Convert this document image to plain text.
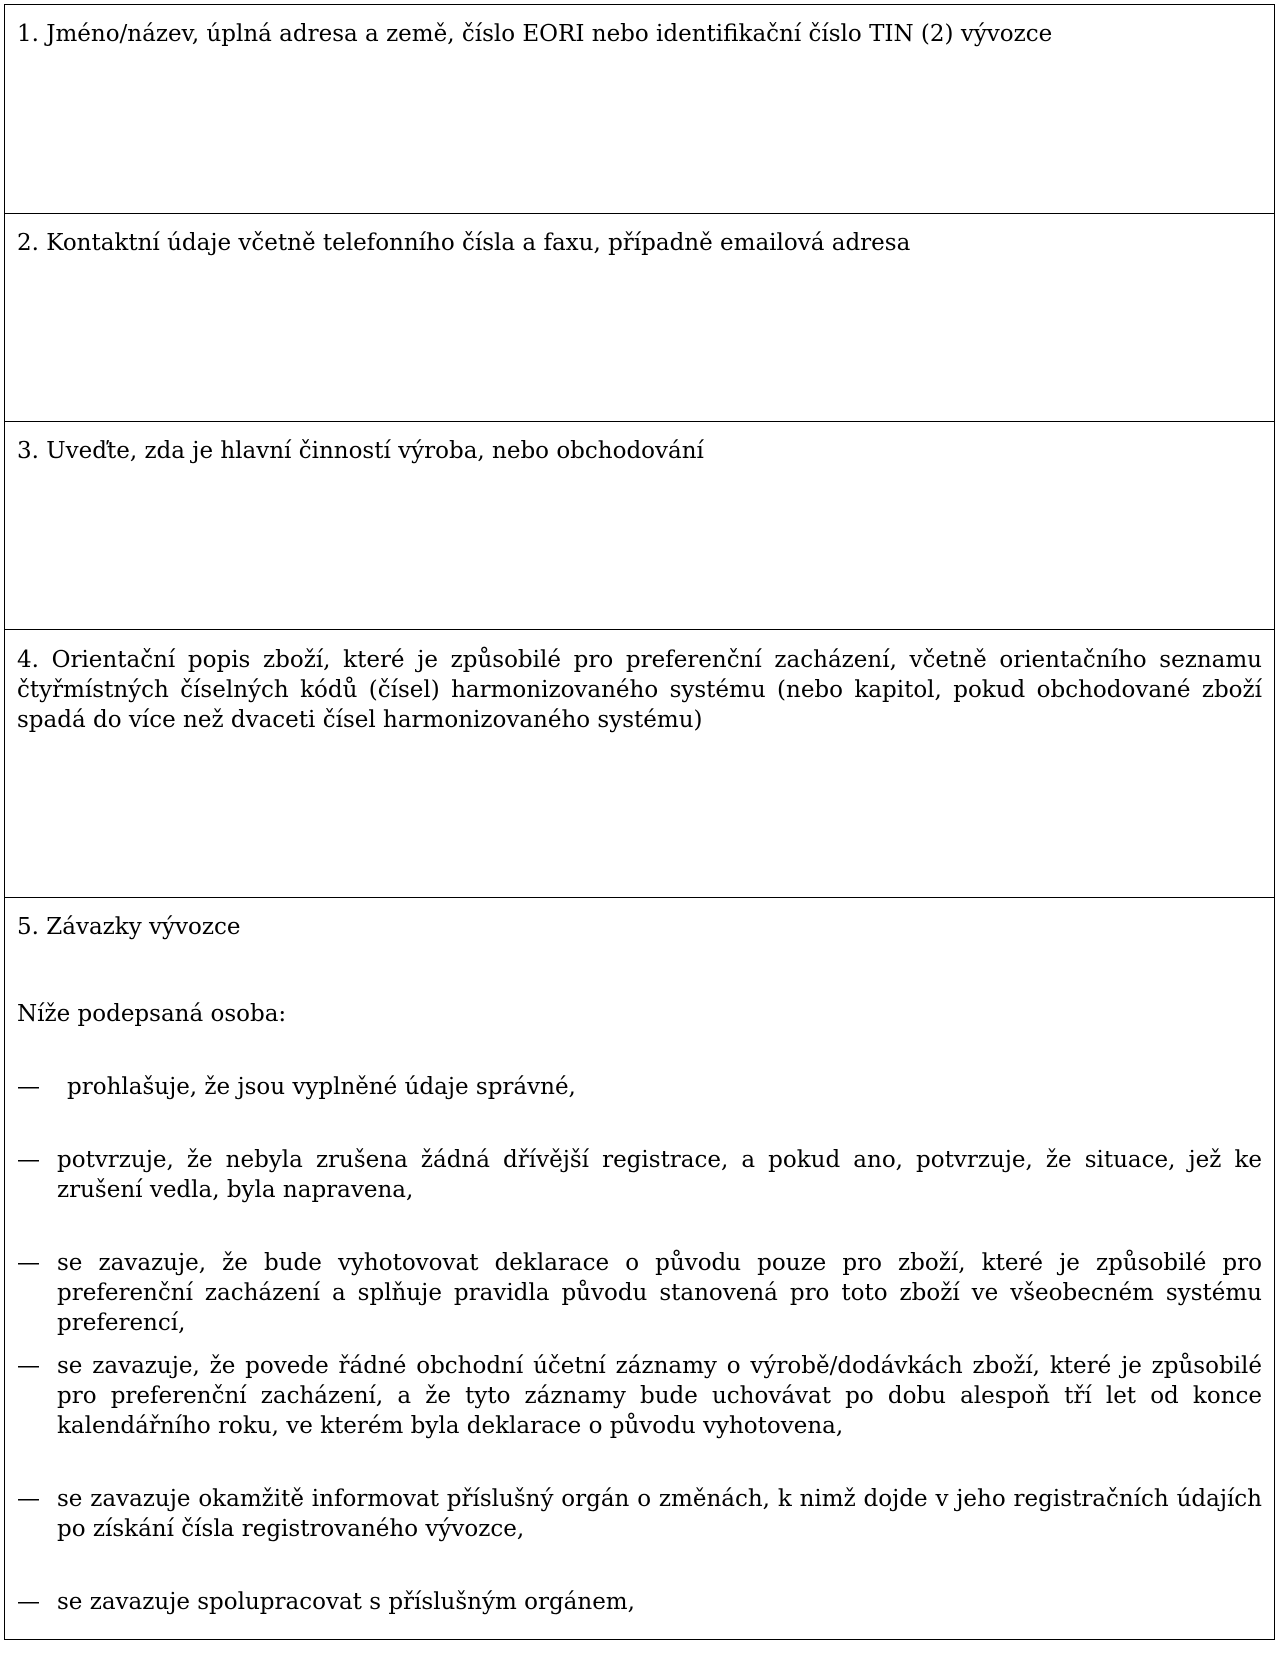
1. Jméno/název, úplná adresa a země, číslo EORI nebo identifikační číslo TIN (2) vývozce
2. Kontaktní údaje včetně telefonního čísla a faxu, případně emailová adresa
3. Uveďte, zda je hlavní činností výroba, nebo obchodování
4. Orientační popis zboží, které je způsobilé pro preferenční zacházení, včetně orientačního seznamu čtyřmístných číselných kódů (čísel) harmonizovaného systému (nebo kapitol, pokud obchodované zboží spadá do více než dvaceti čísel harmonizovaného systému)
5. Závazky vývozce
Níže podepsaná osoba:
—	prohlašuje, že jsou vyplněné údaje správné,
— potvrzuje, že nebyla zrušena žádná dřívější registrace, a pokud ano, potvrzuje, že situace, jež ke zrušení vedla, byla napravena,
— se zavazuje, že bude vyhotovovat deklarace o původu pouze pro zboží, které je způsobilé pro preferenční zacházení a splňuje pravidla původu stanovená pro toto zboží ve všeobecném systému preferencí,
— se zavazuje, že povede řádné obchodní účetní záznamy o výrobě/dodávkách zboží, které je způsobilé pro preferenční zacházení, a že tyto záznamy bude uchovávat po dobu alespoň tří let od konce kalendářního roku, ve kterém byla deklarace o původu vyhotovena,
— se zavazuje okamžitě informovat příslušný orgán o změnách, k nimž dojde v jeho registračních údajích po získání čísla registrovaného vývozce,
— se zavazuje spolupracovat s příslušným orgánem,
